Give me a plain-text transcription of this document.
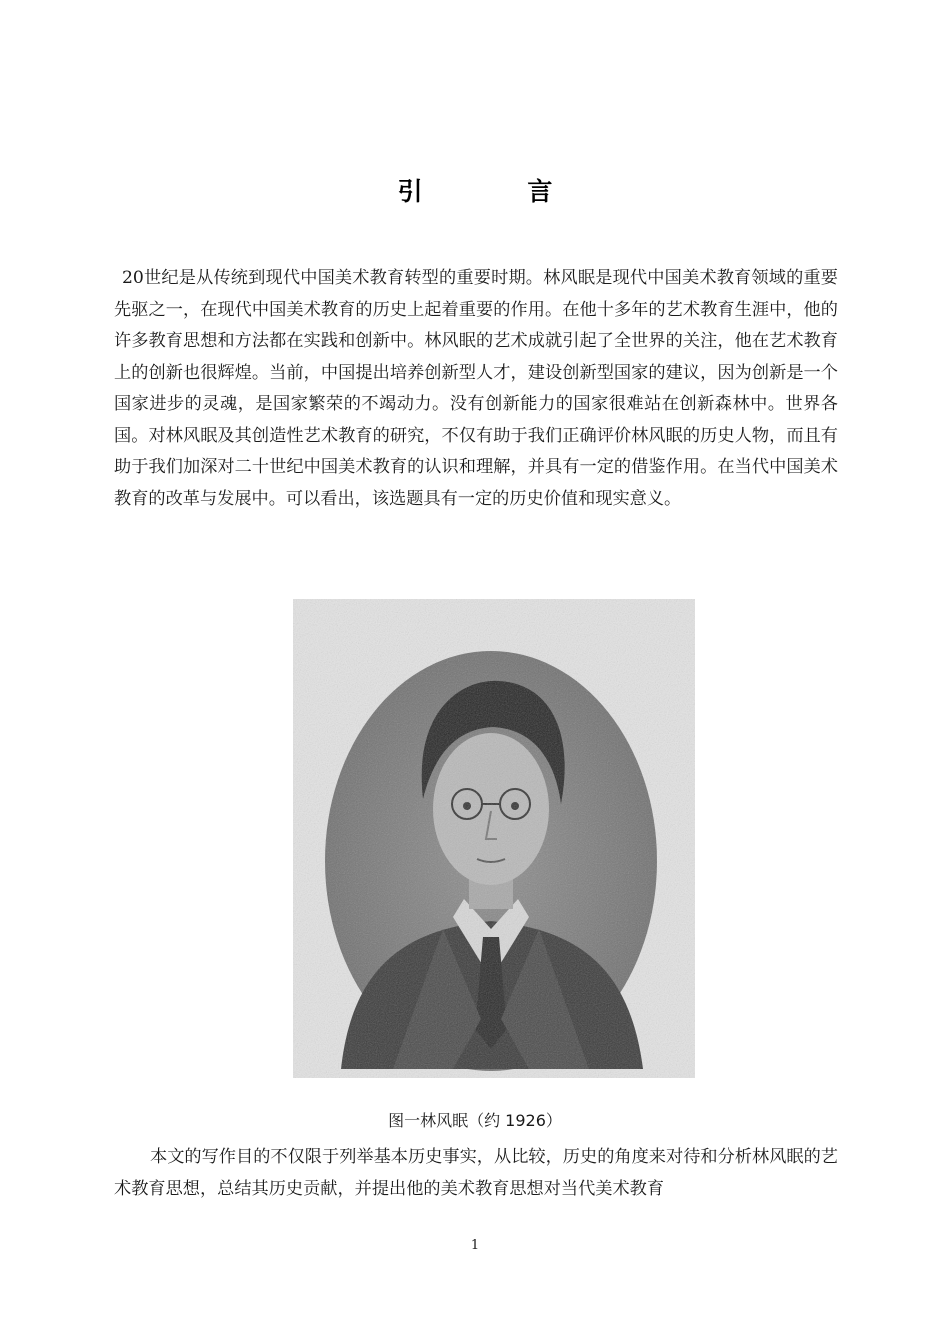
引 言

20世纪是从传统到现代中国美术教育转型的重要时期。林风眠是现代中国美术教育领域的重要先驱之一，在现代中国美术教育的历史上起着重要的作用。在他十多年的艺术教育生涯中，他的许多教育思想和方法都在实践和创新中。林风眠的艺术成就引起了全世界的关注，他在艺术教育上的创新也很辉煌。当前，中国提出培养创新型人才，建设创新型国家的建议，因为创新是一个国家进步的灵魂，是国家繁荣的不竭动力。没有创新能力的国家很难站在创新森林中。世界各国。对林风眠及其创造性艺术教育的研究，不仅有助于我们正确评价林风眠的历史人物，而且有助于我们加深对二十世纪中国美术教育的认识和理解，并具有一定的借鉴作用。在当代中国美术教育的改革与发展中。可以看出，该选题具有一定的历史价值和现实意义。

图一林风眠（约 1926）

本文的写作目的不仅限于列举基本历史事实，从比较，历史的角度来对待和分析林风眠的艺术教育思想，总结其历史贡献，并提出他的美术教育思想对当代美术教育

1
